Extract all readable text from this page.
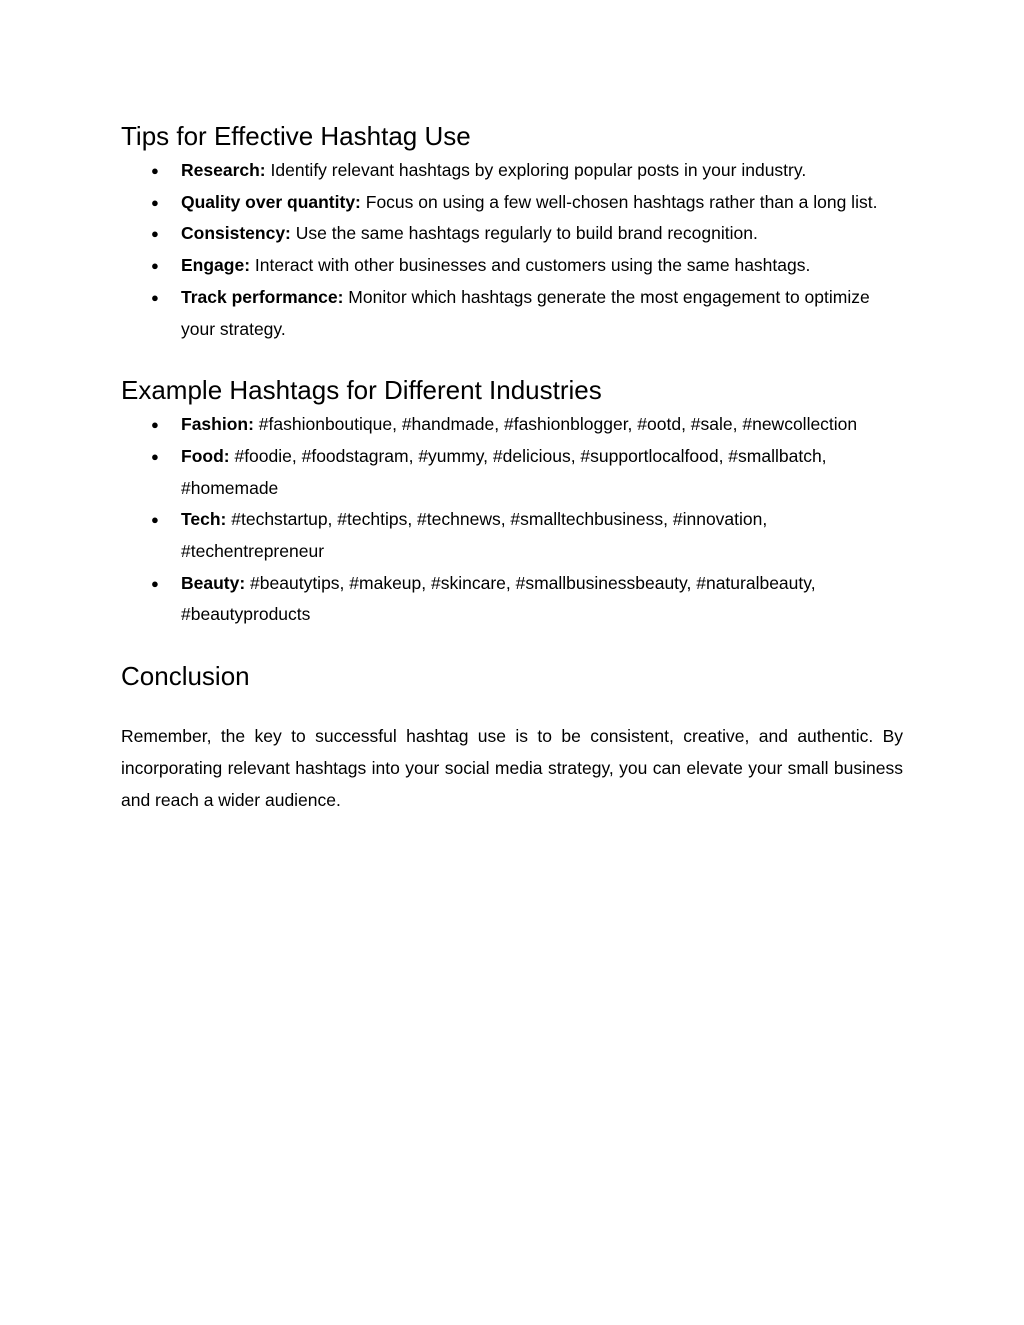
Tips for Effective Hashtag Use
● Research: Identify relevant hashtags by exploring popular posts in your industry.
● Quality over quantity: Focus on using a few well-chosen hashtags rather than a long list.
● Consistency: Use the same hashtags regularly to build brand recognition.
● Engage: Interact with other businesses and customers using the same hashtags.
● Track performance: Monitor which hashtags generate the most engagement to optimize your strategy.
Example Hashtags for Different Industries
● Fashion: #fashionboutique, #handmade, #fashionblogger, #ootd, #sale, #newcollection
● Food: #foodie, #foodstagram, #yummy, #delicious, #supportlocalfood, #smallbatch, #homemade
● Tech: #techstartup, #techtips, #technews, #smalltechbusiness, #innovation, #techentrepreneur
● Beauty: #beautytips, #makeup, #skincare, #smallbusinessbeauty, #naturalbeauty, #beautyproducts
Conclusion

Remember, the key to successful hashtag use is to be consistent, creative, and authentic. By incorporating relevant hashtags into your social media strategy, you can elevate your small business and reach a wider audience.
